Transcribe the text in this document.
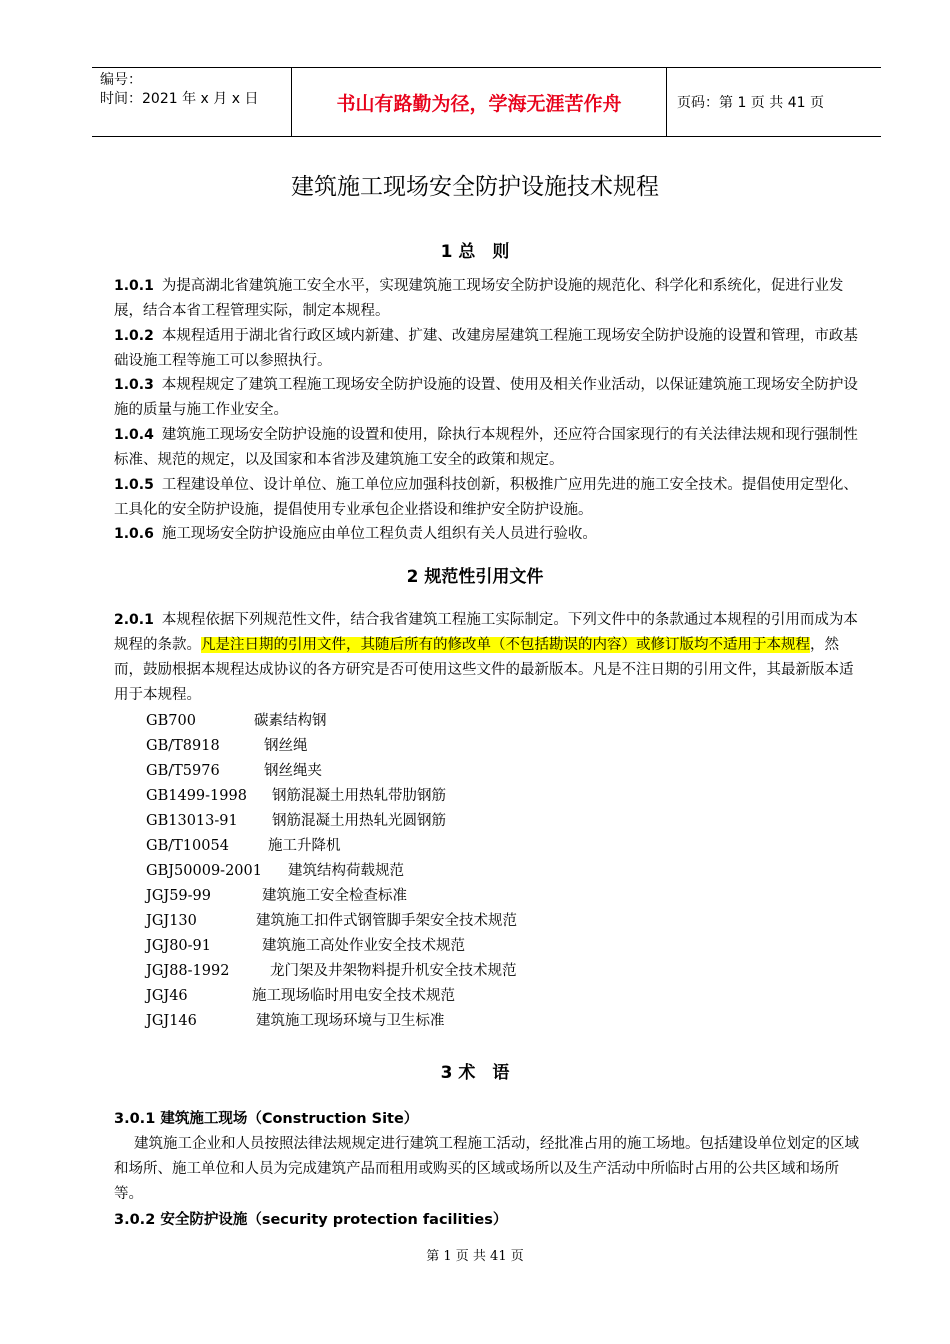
编号：
时间：2021 年 x 月 x 日	书山有路勤为径，学海无涯苦作舟	页码：第 1 页 共 41 页
建筑施工现场安全防护设施技术规程
1 总　则
1.0.1 为提高湖北省建筑施工安全水平，实现建筑施工现场安全防护设施的规范化、科学化和系统化，促进行业发展，结合本省工程管理实际，制定本规程。
1.0.2 本规程适用于湖北省行政区域内新建、扩建、改建房屋建筑工程施工现场安全防护设施的设置和管理，市政基础设施工程等施工可以参照执行。
1.0.3 本规程规定了建筑工程施工现场安全防护设施的设置、使用及相关作业活动，以保证建筑施工现场安全防护设施的质量与施工作业安全。
1.0.4 建筑施工现场安全防护设施的设置和使用，除执行本规程外，还应符合国家现行的有关法律法规和现行强制性标准、规范的规定，以及国家和本省涉及建筑施工安全的政策和规定。
1.0.5 工程建设单位、设计单位、施工单位应加强科技创新，积极推广应用先进的施工安全技术。提倡使用定型化、工具化的安全防护设施，提倡使用专业承包企业搭设和维护安全防护设施。
1.0.6 施工现场安全防护设施应由单位工程负责人组织有关人员进行验收。
2 规范性引用文件
2.0.1 本规程依据下列规范性文件，结合我省建筑工程施工实际制定。下列文件中的条款通过本规程的引用而成为本规程的条款。凡是注日期的引用文件，其随后所有的修改单（不包括勘误的内容）或修订版均不适用于本规程，然而，鼓励根据本规程达成协议的各方研究是否可使用这些文件的最新版本。凡是不注日期的引用文件，其最新版本适用于本规程。
GB700	碳素结构钢
GB/T8918	钢丝绳
GB/T5976	钢丝绳夹
GB1499-1998	钢筋混凝土用热轧带肋钢筋
GB13013-91	钢筋混凝土用热轧光圆钢筋
GB/T10054	施工升降机
GBJ50009-2001	建筑结构荷载规范
JGJ59-99	建筑施工安全检查标准
JGJ130	建筑施工扣件式钢管脚手架安全技术规范
JGJ80-91	建筑施工高处作业安全技术规范
JGJ88-1992	龙门架及井架物料提升机安全技术规范
JGJ46	施工现场临时用电安全技术规范
JGJ146	建筑施工现场环境与卫生标准
3 术　语
3.0.1 建筑施工现场（Construction Site）
建筑施工企业和人员按照法律法规规定进行建筑工程施工活动，经批准占用的施工场地。包括建设单位划定的区域和场所、施工单位和人员为完成建筑产品而租用或购买的区域或场所以及生产活动中所临时占用的公共区域和场所等。
3.0.2 安全防护设施（security protection facilities）
第 1 页 共 41 页
